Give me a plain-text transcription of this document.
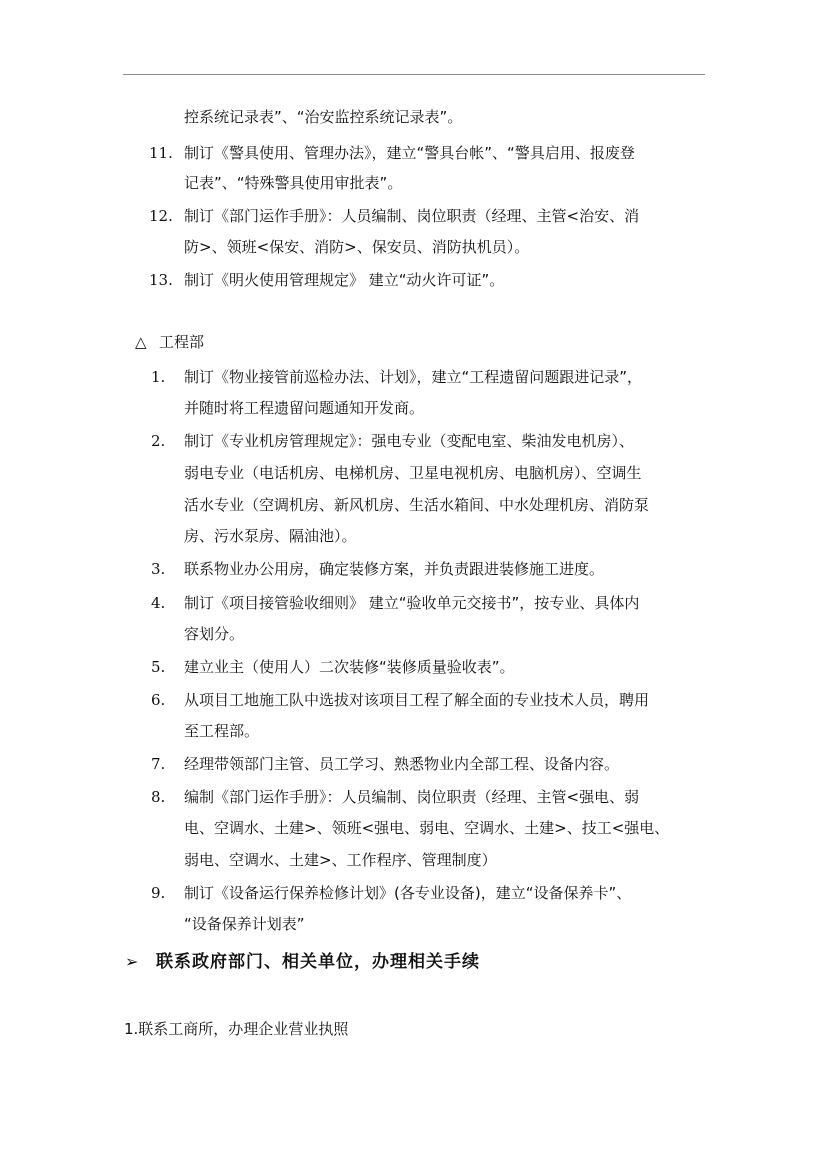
控系统记录表”、“治安监控系统记录表”。
11. 制订《警具使用、管理办法》，建立“警具台帐”、“警具启用、报废登
记表”、“特殊警具使用审批表”。
12. 制订《部门运作手册》：人员编制、岗位职责（经理、主管<治安、消
防>、领班<保安、消防>、保安员、消防执机员）。
13. 制订《明火使用管理规定》 建立“动火许可证”。
△ 工程部
1. 制订《物业接管前巡检办法、计划》，建立“工程遗留问题跟进记录”，
并随时将工程遗留问题通知开发商。
2. 制订《专业机房管理规定》：强电专业（变配电室、柴油发电机房）、
弱电专业（电话机房、电梯机房、卫星电视机房、电脑机房）、空调生
活水专业（空调机房、新风机房、生活水箱间、中水处理机房、消防泵
房、污水泵房、隔油池）。
3. 联系物业办公用房，确定装修方案，并负责跟进装修施工进度。
4. 制订《项目接管验收细则》 建立“验收单元交接书”，按专业、具体内
容划分。
5. 建立业主（使用人）二次装修“装修质量验收表”。
6. 从项目工地施工队中选拔对该项目工程了解全面的专业技术人员，聘用
至工程部。
7. 经理带领部门主管、员工学习、熟悉物业内全部工程、设备内容。
8. 编制《部门运作手册》：人员编制、岗位职责（经理、主管<强电、弱
电、空调水、土建>、领班<强电、弱电、空调水、土建>、技工<强电、
弱电、空调水、土建>、工作程序、管理制度）
9. 制订《设备运行保养检修计划》(各专业设备)，建立“设备保养卡”、
“设备保养计划表”
➢ 联系政府部门、相关单位，办理相关手续
1.联系工商所，办理企业营业执照
